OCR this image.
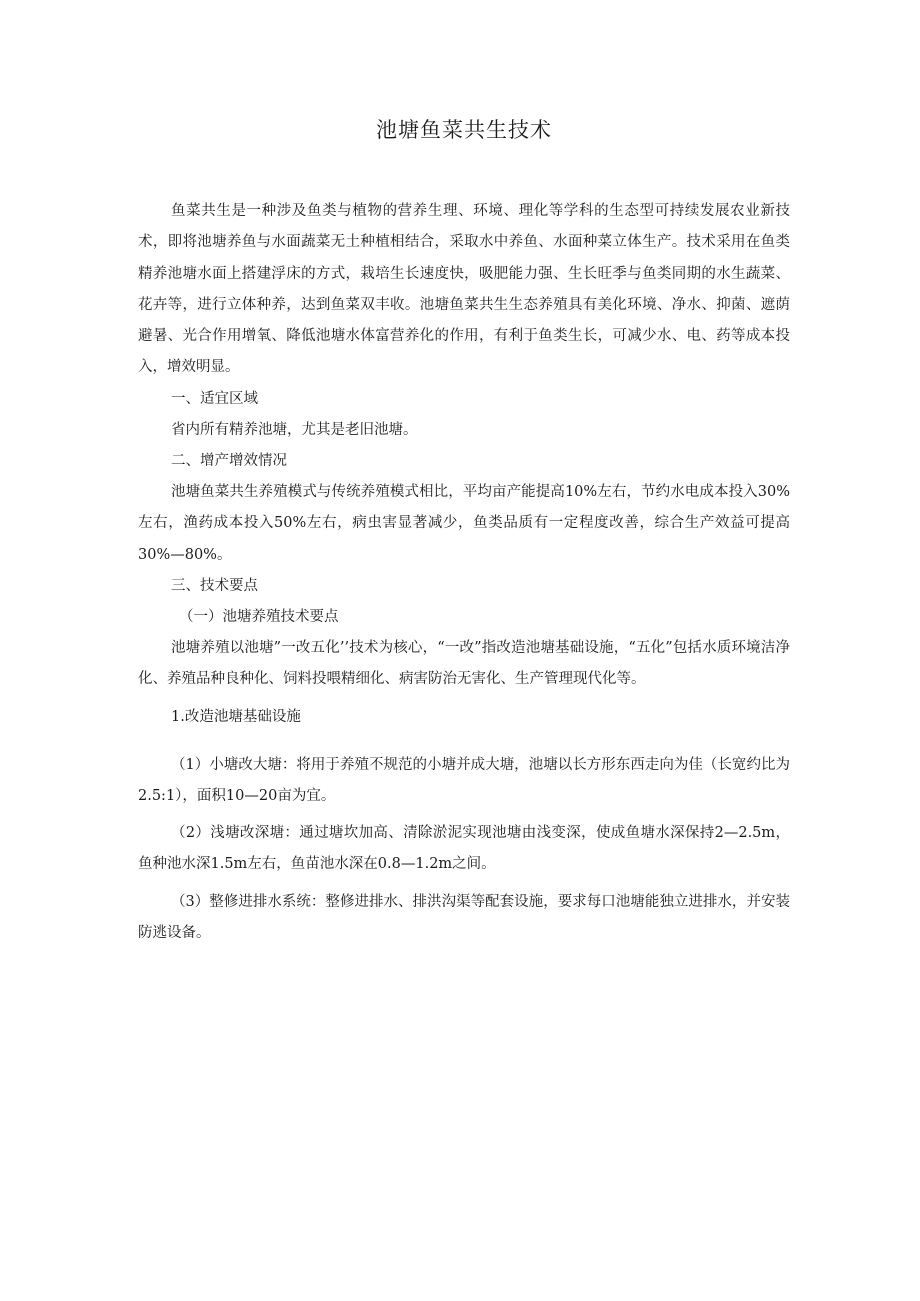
池塘鱼菜共生技术

鱼菜共生是一种涉及鱼类与植物的营养生理、环境、理化等学科的生态型可持续发展农业新技术，即将池塘养鱼与水面蔬菜无土种植相结合，采取水中养鱼、水面种菜立体生产。技术采用在鱼类精养池塘水面上搭建浮床的方式，栽培生长速度快，吸肥能力强、生长旺季与鱼类同期的水生蔬菜、花卉等，进行立体种养，达到鱼菜双丰收。池塘鱼菜共生生态养殖具有美化环境、净水、抑菌、遮荫避暑、光合作用增氧、降低池塘水体富营养化的作用，有利于鱼类生长，可减少水、电、药等成本投入，增效明显。

一、适宜区域

省内所有精养池塘，尤其是老旧池塘。

二、增产增效情况

池塘鱼菜共生养殖模式与传统养殖模式相比，平均亩产能提高10%左右，节约水电成本投入30%左右，渔药成本投入50%左右，病虫害显著减少，鱼类品质有一定程度改善，综合生产效益可提高30%—80%。

三、技术要点
（一）池塘养殖技术要点

池塘养殖以池塘”一改五化’’技术为核心，“一改”指改造池塘基础设施，“五化”包括水质环境洁净化、养殖品种良种化、饲料投喂精细化、病害防治无害化、生产管理现代化等。

1.改造池塘基础设施

（1）小塘改大塘：将用于养殖不规范的小塘并成大塘，池塘以长方形东西走向为佳（长宽约比为2.5:1），面积10—20亩为宜。

（2）浅塘改深塘：通过塘坎加高、清除淤泥实现池塘由浅变深，使成鱼塘水深保持2—2.5m，鱼种池水深1.5m左右，鱼苗池水深在0.8—1.2m之间。

（3）整修进排水系统：整修进排水、排洪沟渠等配套设施，要求每口池塘能独立进排水，并安装防逃设备。
